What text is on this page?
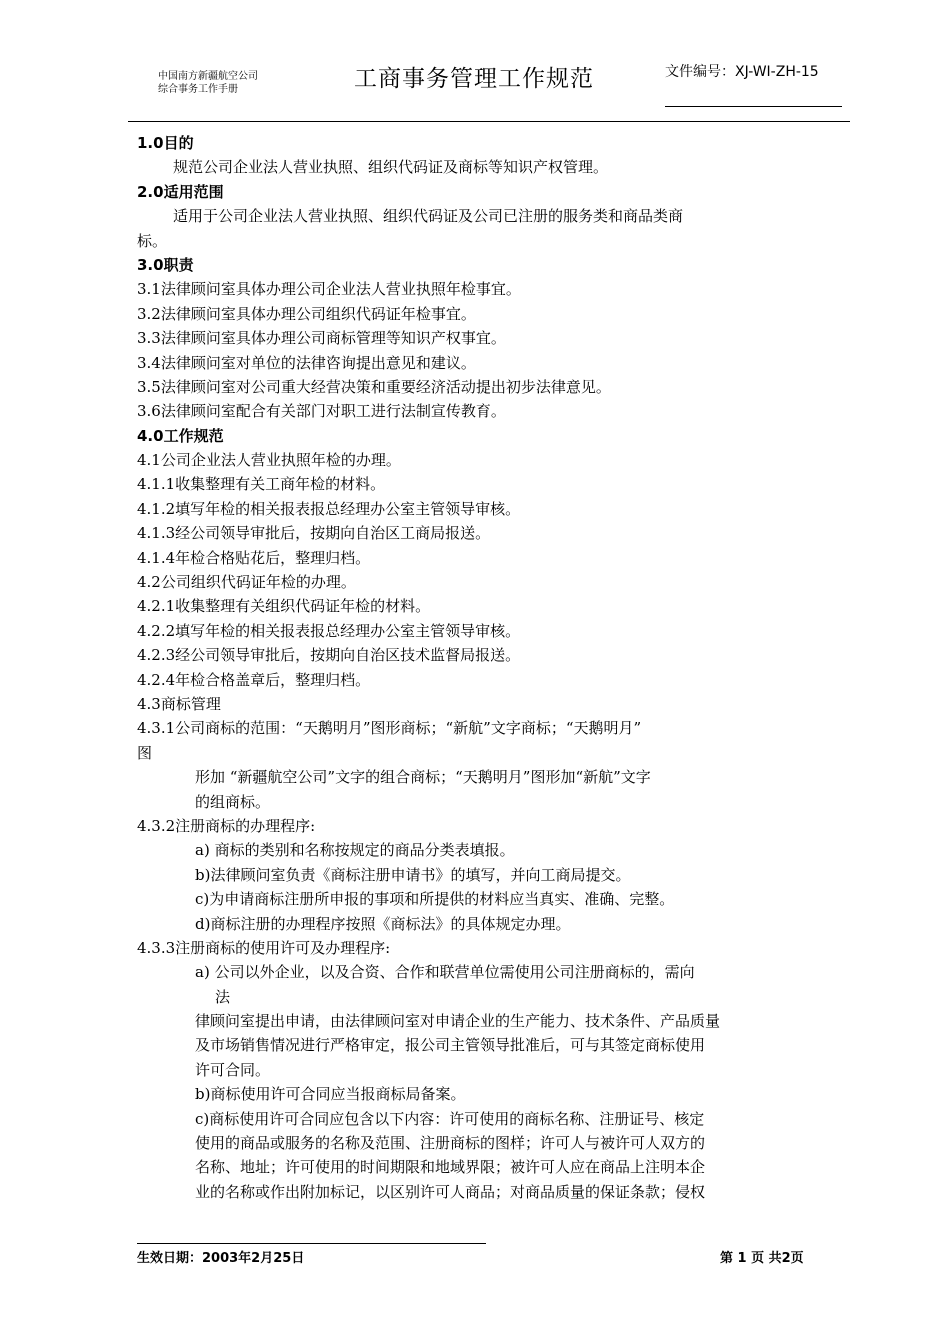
中国南方新疆航空公司
综合事务工作手册	工商事务管理工作规范	文件编号：XJ-WI-ZH-15
1.0目的
规范公司企业法人营业执照、组织代码证及商标等知识产权管理。
2.0适用范围
适用于公司企业法人营业执照、组织代码证及公司已注册的服务类和商品类商
标。
3.0职责
3.1法律顾问室具体办理公司企业法人营业执照年检事宜。
3.2法律顾问室具体办理公司组织代码证年检事宜。
3.3法律顾问室具体办理公司商标管理等知识产权事宜。
3.4法律顾问室对单位的法律咨询提出意见和建议。
3.5法律顾问室对公司重大经营决策和重要经济活动提出初步法律意见。
3.6法律顾问室配合有关部门对职工进行法制宣传教育。
4.0工作规范
4.1公司企业法人营业执照年检的办理。
4.1.1收集整理有关工商年检的材料。
4.1.2填写年检的相关报表报总经理办公室主管领导审核。
4.1.3经公司领导审批后，按期向自治区工商局报送。
4.1.4年检合格贴花后，整理归档。
4.2公司组织代码证年检的办理。
4.2.1收集整理有关组织代码证年检的材料。
4.2.2填写年检的相关报表报总经理办公室主管领导审核。
4.2.3经公司领导审批后，按期向自治区技术监督局报送。
4.2.4年检合格盖章后，整理归档。
4.3商标管理
4.3.1公司商标的范围：“天鹅明月”图形商标；“新航”文字商标；“天鹅明月”
图
形加 “新疆航空公司”文字的组合商标；“天鹅明月”图形加“新航”文字
的组商标。
4.3.2注册商标的办理程序:
a) 商标的类别和名称按规定的商品分类表填报。
b)法律顾问室负责《商标注册申请书》的填写，并向工商局提交。
c)为申请商标注册所申报的事项和所提供的材料应当真实、准确、完整。
d)商标注册的办理程序按照《商标法》的具体规定办理。
4.3.3注册商标的使用许可及办理程序:
a) 公司以外企业，以及合资、合作和联营单位需使用公司注册商标的，需向
法
律顾问室提出申请，由法律顾问室对申请企业的生产能力、技术条件、产品质量
及市场销售情况进行严格审定，报公司主管领导批准后，可与其签定商标使用
许可合同。
b)商标使用许可合同应当报商标局备案。
c)商标使用许可合同应包含以下内容：许可使用的商标名称、注册证号、核定
使用的商品或服务的名称及范围、注册商标的图样；许可人与被许可人双方的
名称、地址；许可使用的时间期限和地域界限；被许可人应在商品上注明本企
业的名称或作出附加标记，以区别许可人商品；对商品质量的保证条款；侵权
生效日期：2003年2月25日	第 1 页 共2页
